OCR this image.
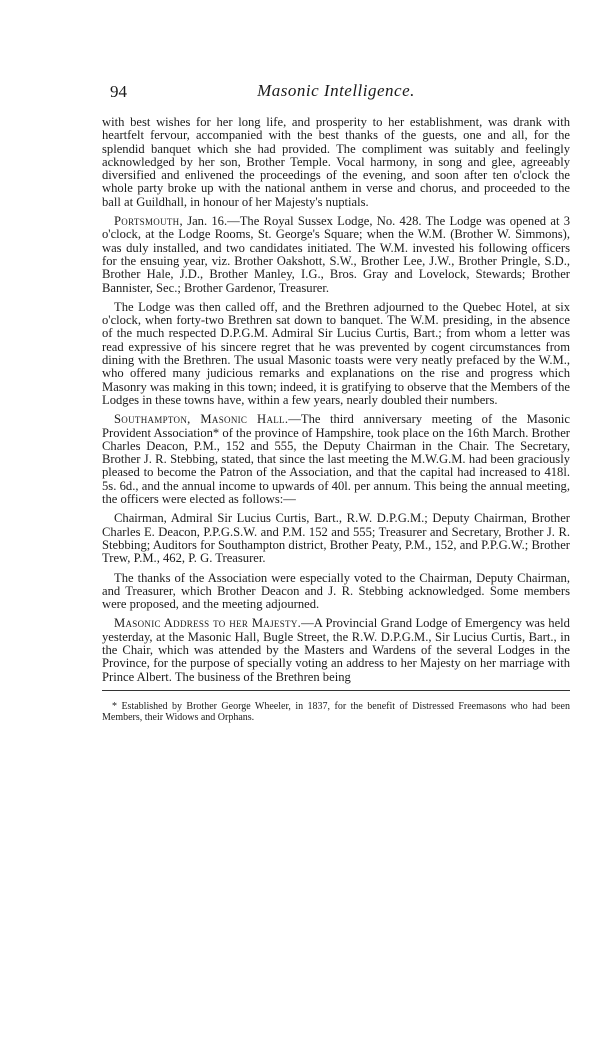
94	Masonic Intelligence.

with best wishes for her long life, and prosperity to her establishment, was drank with heartfelt fervour, accompanied with the best thanks of the guests, one and all, for the splendid banquet which she had provided. The compliment was suitably and feelingly acknowledged by her son, Brother Temple. Vocal harmony, in song and glee, agreeably diversified and enlivened the proceedings of the evening, and soon after ten o'clock the whole party broke up with the national anthem in verse and chorus, and proceeded to the ball at Guildhall, in honour of her Majesty's nuptials.

Portsmouth, Jan. 16.—The Royal Sussex Lodge, No. 428. The Lodge was opened at 3 o'clock, at the Lodge Rooms, St. George's Square; when the W.M. (Brother W. Simmons), was duly installed, and two candidates initiated. The W.M. invested his following officers for the ensuing year, viz. Brother Oakshott, S.W., Brother Lee, J.W., Brother Pringle, S.D., Brother Hale, J.D., Brother Manley, I.G., Bros. Gray and Lovelock, Stewards; Brother Bannister, Sec.; Brother Gardenor, Treasurer.

The Lodge was then called off, and the Brethren adjourned to the Quebec Hotel, at six o'clock, when forty-two Brethren sat down to banquet. The W.M. presiding, in the absence of the much respected D.P.G.M. Admiral Sir Lucius Curtis, Bart.; from whom a letter was read expressive of his sincere regret that he was prevented by cogent circumstances from dining with the Brethren. The usual Masonic toasts were very neatly prefaced by the W.M., who offered many judicious remarks and explanations on the rise and progress which Masonry was making in this town; indeed, it is gratifying to observe that the Members of the Lodges in these towns have, within a few years, nearly doubled their numbers.

Southampton, Masonic Hall.—The third anniversary meeting of the Masonic Provident Association* of the province of Hampshire, took place on the 16th March. Brother Charles Deacon, P.M., 152 and 555, the Deputy Chairman in the Chair. The Secretary, Brother J. R. Stebbing, stated, that since the last meeting the M.W.G.M. had been graciously pleased to become the Patron of the Association, and that the capital had increased to 418l. 5s. 6d., and the annual income to upwards of 40l. per annum. This being the annual meeting, the officers were elected as follows:—

Chairman, Admiral Sir Lucius Curtis, Bart., R.W. D.P.G.M.; Deputy Chairman, Brother Charles E. Deacon, P.P.G.S.W. and P.M. 152 and 555; Treasurer and Secretary, Brother J. R. Stebbing; Auditors for Southampton district, Brother Peaty, P.M., 152, and P.P.G.W.; Brother Trew, P.M., 462, P. G. Treasurer.

The thanks of the Association were especially voted to the Chairman, Deputy Chairman, and Treasurer, which Brother Deacon and J. R. Stebbing acknowledged. Some members were proposed, and the meeting adjourned.

Masonic Address to her Majesty.—A Provincial Grand Lodge of Emergency was held yesterday, at the Masonic Hall, Bugle Street, the R.W. D.P.G.M., Sir Lucius Curtis, Bart., in the Chair, which was attended by the Masters and Wardens of the several Lodges in the Province, for the purpose of specially voting an address to her Majesty on her marriage with Prince Albert. The business of the Brethren being

* Established by Brother George Wheeler, in 1837, for the benefit of Distressed Freemasons who had been Members, their Widows and Orphans.
